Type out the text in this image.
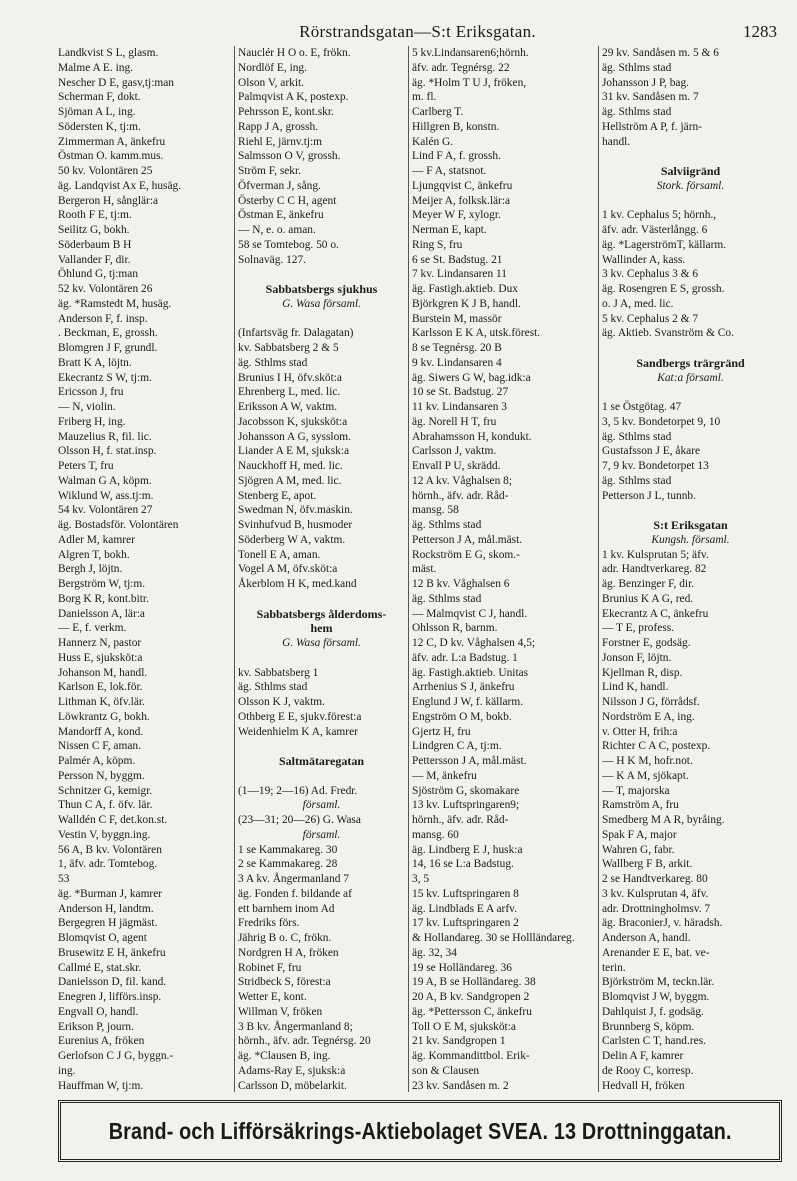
Rörstrandsgatan—S:t Eriksgatan.	1283
Landkvist S L, glasm.
Malme A E. ing.
Nescher D E, gasv,tj:man
Scherman F, dokt.
Sjöman A L, ing.
Södersten K, tj:m.
Zimmerman A, änkefru
Östman O. kamm.mus.
50 kv. Volontären 25
äg. Landqvist Ax E, husäg.
Bergeron H, sånglär:a
Rooth F E, tj:m.
Seilitz G, bokh.
Söderbaum B H
Vallander F, dir.
Öhlund G, tj:man
52 kv. Volontären 26
äg. *Ramstedt M, husäg.
Anderson F, f. insp.
. Beckman, E, grossh.
Blomgren J F, grundl.
Bratt K A, löjtn.
Ekecrantz S W, tj:m.
Ericsson J, fru
— N, violin.
Friberg H, ing.
Mauzelius R, fil. lic.
Olsson H, f. stat.insp.
Peters T, fru
Walman G A, köpm.
Wiklund W, ass.tj:m.
54 kv. Volontären 27
äg. Bostadsför. Volontären
Adler M, kamrer
Algren T, bokh.
Bergh J, löjtn.
Bergström W, tj:m.
Borg K R, kont.bitr.
Danielsson A, lär:a
— E, f. verkm.
Hannerz N, pastor
Huss E, sjuksköt:a
Johanson M, handl.
Karlson E, lok.för.
Lithman K, öfv.lär.
Löwkrantz G, bokh.
Mandorff A, kond.
Nissen C F, aman.
Palmér A, köpm.
Persson N, byggm.
Schnitzer G, kemigr.
Thun C A, f. öfv. lär.
Walldén C F, det.kon.st.
Vestin V, byggn.ing.
56 A, B kv. Volontären
1, äfv. adr. Tomtebog.
53
äg. *Burman J, kamrer
Anderson H, landtm.
Bergegren H jägmäst.
Blomqvist O, agent
Brusewitz E H, änkefru
Callmé E, stat.skr.
Danielsson D, fil. kand.
Enegren J, lifförs.insp.
Engvall O, handl.
Erikson P, journ.
Eurenius A, fröken
Gerlofson C J G, byggn.-
ing.
Hauffman W, tj:m.
Nauclér H O o. E, frökn.
Nordlöf E, ing.
Olson V, arkit.
Palmqvist A K, postexp.
Pehrsson E, kont.skr.
Rapp J A, grossh.
Riehl E, järnv.tj:m
Salmsson O V, grossh.
Ström F, sekr.
Öfverman J, sång.
Österby C C H, agent
Östman E, änkefru
— N, e. o. aman.
58 se Tomtebog. 50 o.
Solnaväg. 127.
Sabbatsbergs sjukhus
G. Wasa församl.
(Infartsväg fr. Dalagatan)
kv. Sabbatsberg 2 & 5
äg. Sthlms stad
Brunius I H, öfv.sköt:a
Ehrenberg L, med. lic.
Eriksson A W, vaktm.
Jacobsson K, sjuksköt:a
Johansson A G, sysslom.
Liander A E M, sjuksk:a
Nauckhoff H, med. lic.
Sjögren A M, med. lic.
Stenberg E, apot.
Swedman N, öfv.maskin.
Svinhufvud B, husmoder
Söderberg W A, vaktm.
Tonell E A, aman.
Vogel A M, öfv.sköt:a
Åkerblom H K, med.kand
Sabbatsbergs ålderdoms-
hem
G. Wasa församl.
kv. Sabbatsberg 1
äg. Sthlms stad
Olsson K J, vaktm.
Othberg E E, sjukv.förest:a
Weidenhielm K A, kamrer
Saltmätaregatan
(1—19; 2—16) Ad. Fredr.
församl.
(23—31; 20—26) G. Wasa
församl.
1 se Kammakareg. 30
2 se Kammakareg. 28
3 A kv. Ångermanland 7
äg. Fonden f. bildande af
ett barnhem inom Ad
Fredriks förs.
Jährig B o. C, frökn.
Nordgren H A, fröken
Robinet F, fru
Stridbeck S, förest:a
Wetter E, kont.
Willman V, fröken
3 B kv. Ångermanland 8;
hörnh., äfv. adr. Tegnérsg. 20
äg. *Clausen B, ing.
Adams-Ray E, sjuksk:a
Carlsson D, möbelarkit.
5 kv.Lindansaren6;hörnh.
äfv. adr. Tegnérsg. 22
äg. *Holm T U J, fröken,
m. fl.
Carlberg T.
Hillgren B, konstn.
Kalén G.
Lind F A, f. grossh.
— F A, statsnot.
Ljungqvist C, änkefru
Meijer A, folksk.lär:a
Meyer W F, xylogr.
Nerman E, kapt.
Ring S, fru
6 se St. Badstug. 21
7 kv. Lindansaren 11
äg. Fastigh.aktieb. Dux
Björkgren K J B, handl.
Burstein M, massör
Karlsson E K A, utsk.förest.
8 se Tegnérsg. 20 B
9 kv. Lindansaren 4
äg. Siwers G W, bag.idk:a
10 se St. Badstug. 27
11 kv. Lindansaren 3
äg. Norell H T, fru
Abrahamsson H, kondukt.
Carlsson J, vaktm.
Envall P U, skrädd.
12 A kv. Våghalsen 8;
hörnh., äfv. adr. Råd-
mansg. 58
äg. Sthlms stad
Petterson J A, mål.mäst.
Rockström E G, skom.-
mäst.
12 B kv. Våghalsen 6
äg. Sthlms stad
— Malmqvist C J, handl.
Ohlsson R, barnm.
12 C, D kv. Våghalsen 4,5;
äfv. adr. L:a Badstug. 1
äg. Fastigh.aktieb. Unitas
Arrhenius S J, änkefru
Englund J W, f. källarm.
Engström O M, bokb.
Gjertz H, fru
Lindgren C A, tj:m.
Pettersson J A, mål.mäst.
— M, änkefru
Sjöström G, skomakare
13 kv. Luftspringaren9;
hörnh., äfv. adr. Råd-
mansg. 60
äg. Lindberg E J, husk:a
14, 16 se L:a Badstug.
3, 5
15 kv. Luftspringaren 8
äg. Lindblads E A arfv.
17 kv. Luftspringaren 2
& Hollandareg. 30 se Hollländareg.
äg. 32, 34
19 se Holländareg. 36
19 A, B se Holländareg. 38
20 A, B kv. Sandgropen 2
äg. *Pettersson C, änkefru
Toll O E M, sjuksköt:a
21 kv. Sandgropen 1
äg. Kommandittbol. Erik-
son & Clausen
23 kv. Sandåsen m. 2
29 kv. Sandåsen m. 5 & 6
äg. Sthlms stad
Johansson J P, bag.
31 kv. Sandåsen m. 7
äg. Sthlms stad
Hellström A P, f. järn-
handl.
Salviigränd
Stork. församl.
1 kv. Cephalus 5; hörnh.,
äfv. adr. Västerlångg. 6
äg. *LagerströmT, källarm.
Wallinder A, kass.
3 kv. Cephalus 3 & 6
äg. Rosengren E S, grossh.
o. J A, med. lic.
5 kv. Cephalus 2 & 7
äg. Aktieb. Svanström & Co.
Sandbergs trärgränd
Kat:a församl.
1 se Östgötag. 47
3, 5 kv. Bondetorpet 9, 10
äg. Sthlms stad
Gustafsson J E, åkare
7, 9 kv. Bondetorpet 13
äg. Sthlms stad
Petterson J L, tunnb.
S:t Eriksgatan
Kungsh. församl.
1 kv. Kulsprutan 5; äfv.
adr. Handtverkareg. 82
äg. Benzinger F, dir.
Brunius K A G, red.
Ekecrantz A C, änkefru
— T E, profess.
Forstner E, godsäg.
Jonson F, löjtn.
Kjellman R, disp.
Lind K, handl.
Nilsson J G, förrådsf.
Nordström E A, ing.
v. Otter H, frih:a
Richter C A C, postexp.
— H K M, hofr.not.
— K A M, sjökapt.
— T, majorska
Ramström A, fru
Smedberg M A R, byråing.
Spak F A, major
Wahren G, fabr.
Wallberg F B, arkit.
2 se Handtverkareg. 80
3 kv. Kulsprutan 4, äfv.
adr. Drottningholmsv. 7
äg. BraconierJ, v. häradsh.
Anderson A, handl.
Arenander E E, bat. ve-
terin.
Björkström M, teckn.lär.
Blomqvist J W, byggm.
Dahlquist J, f. godsäg.
Brunnberg S, köpm.
Carlsten C T, hand.res.
Delin A F, kamrer
de Rooy C, korresp.
Hedvall H, fröken
Brand- och Lifförsäkrings-Aktiebolaget SVEA. 13 Drottninggatan.
